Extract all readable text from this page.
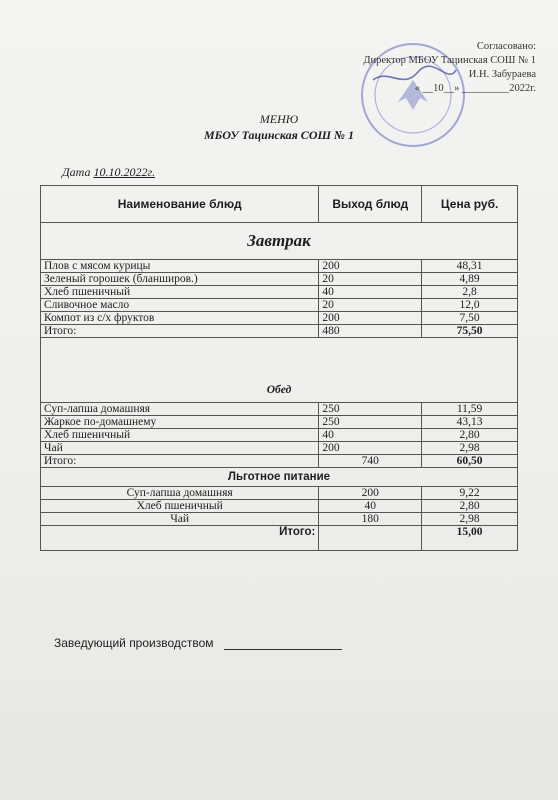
Согласовано:
Директор МБОУ Тацинская СОШ № 1
И.Н. Забураева
« __10__» _________2022г.
МЕНЮ
МБОУ Тацинская СОШ № 1
Дата 10.10.2022г.
Наименование блюд	Выход блюд	Цена руб.
Завтрак		
Плов с мясом курицы	200	48,31
Зеленый горошек (бланширов.)	20	4,89
Хлеб пшеничный	40	2,8
Сливочное масло	20	12,0
Компот из с/х фруктов	200	7,50
Итого:	480	75,50
Обед		
Суп-лапша домашняя	250	11,59
Жаркое по-домашнему	250	43,13
Хлеб пшеничный	40	2,80
Чай	200	2,98
Итого:	740	60,50
Льготное питание		
Суп-лапша домашняя	200	9,22
Хлеб пшеничный	40	2,80
Чай	180	2,98
Итого:		15,00
Заведующий производством
